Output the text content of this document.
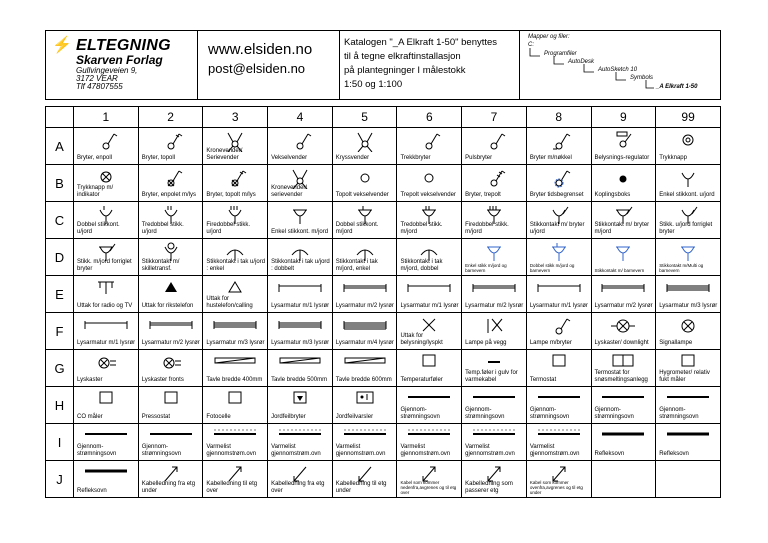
⚡ ELTEGNING
Skarven Forlag
Gullvingeveien 9,
3172 VEAR
Tlf 47807555
www.elsiden.no
post@elsiden.no
Katalogen "_A Elkraft 1-50" benyttes
til å tegne elkraftinstallasjon
på plantegninger I målestokk
1:50 og 1:100
Mapper og filer:
C:
Programfiler
AutoDesk
AutoSketch 10
Symbols
_A Elkraft 1-50
	1	2	3	4	5	6	7	8	9	99
A	Bryter, enpoll	Bryter, topoll	Kronevender/ Serievender	Vekselvender	Kryssvender	Trekkbryter	Pulsbryter	Bryter m/nøkkel	Belysnings-regulator	Trykknapp

B	Trykknapp m/ indikator	Bryter, enpolet m/lys	Bryter, topolt m/lys	Kronevender/ serievender	Topolt vekselvender	Trepolt vekselvender	Bryter, trepolt	Bryter tidsbegrenset	Koplingsboks	Enkel stikkont. u/jord

C	Dobbel stikkont. u/jord	Tredobbel stikk. u/jord	Firedobbel stikk. u/jord	Enkel stikkont. m/jord	Dobbel stikkont. m/jord	Tredobbel stikk. m/jord	Firedobbel stikk. m/jord	Stikkontakt m/ bryter u/jord	Stikkontakt m/ bryter m/jord	Stikk. u/jord forriglet bryter

D	Stikk. m/jord forriglet bryter	Stikkontakt m/ skilletransf.	Stikkontakt i tak u/jord : enkel	Stikkontakt i tak u/jord : dobbelt	Stikkontakt i tak m/jord, enkel	Stikkontakt i tak m/jord, dobbel	Enkel stikk m/jord og barnevern	Dobbel stikk m/jord og barnevern	Stikkontakt m/ barnevern	Stikkontakt m/Multi og barnevern

E	Uttak for radio og TV	Uttak for rikstelefon	Uttak for hustelefon/calling	Lysarmatur m/1 lysrør	Lysarmatur m/2 lysrør	Lysarmatur m/1 lysrør	Lysarmatur m/2 lysrør	Lysarmatur m/1 lysrør	Lysarmatur m/2 lysrør	Lysarmatur m/3 lysrør

F	Lysarmatur m/1 lysrør	Lysarmatur m/2 lysrør	Lysarmatur m/3 lysrør	Lysarmatur m/3 lysrør	Lysarmatur m/4 lysrør	Uttak for belysning/lyspkt	Lampe på vegg	Lampe m/bryter	Lyskaster/ downlight	Signallampe

G	Lyskaster	Lyskaster fronts	Tavle bredde 400mm	Tavle bredde 500mm	Tavle bredde 600mm	Temperaturføler	Temp.føler i gulv for varmekabel	Termostat	Termostat for snøsmeltingsanlegg	Hygrometer/ relativ fukt måler

H	CO måler	Pressostat	Fotocelle	Jordfeilbryter	Jordfeilvarsler	Gjennom-strømningsovn	Gjennom-strømningsovn	Gjennom-strømningsovn	Gjennom-strømningsovn	Gjennom-strømningsovn

I	Gjennom-strømningsovn	Gjennom-strømningsovn	Varmelist gjennomstrøm.ovn	Varmelist gjennomstrøm.ovn	Varmelist gjennomstrøm.ovn	Varmelist gjennomstrøm.ovn	Varmelist gjennomstrøm.ovn	Varmelist gjennomstrøm.ovn	Refleksovn	Refleksovn

J	Refleksovn	Kabelledning fra etg under	Kabelledning til etg over	Kabelledning fra etg over	Kabelledning til etg under	Kabel som kommer nedenfra,avgrenes og til etg over	Kabelledning som passerer etg	Kabel som kommer ovenfra,avgrenes og til etg under		
